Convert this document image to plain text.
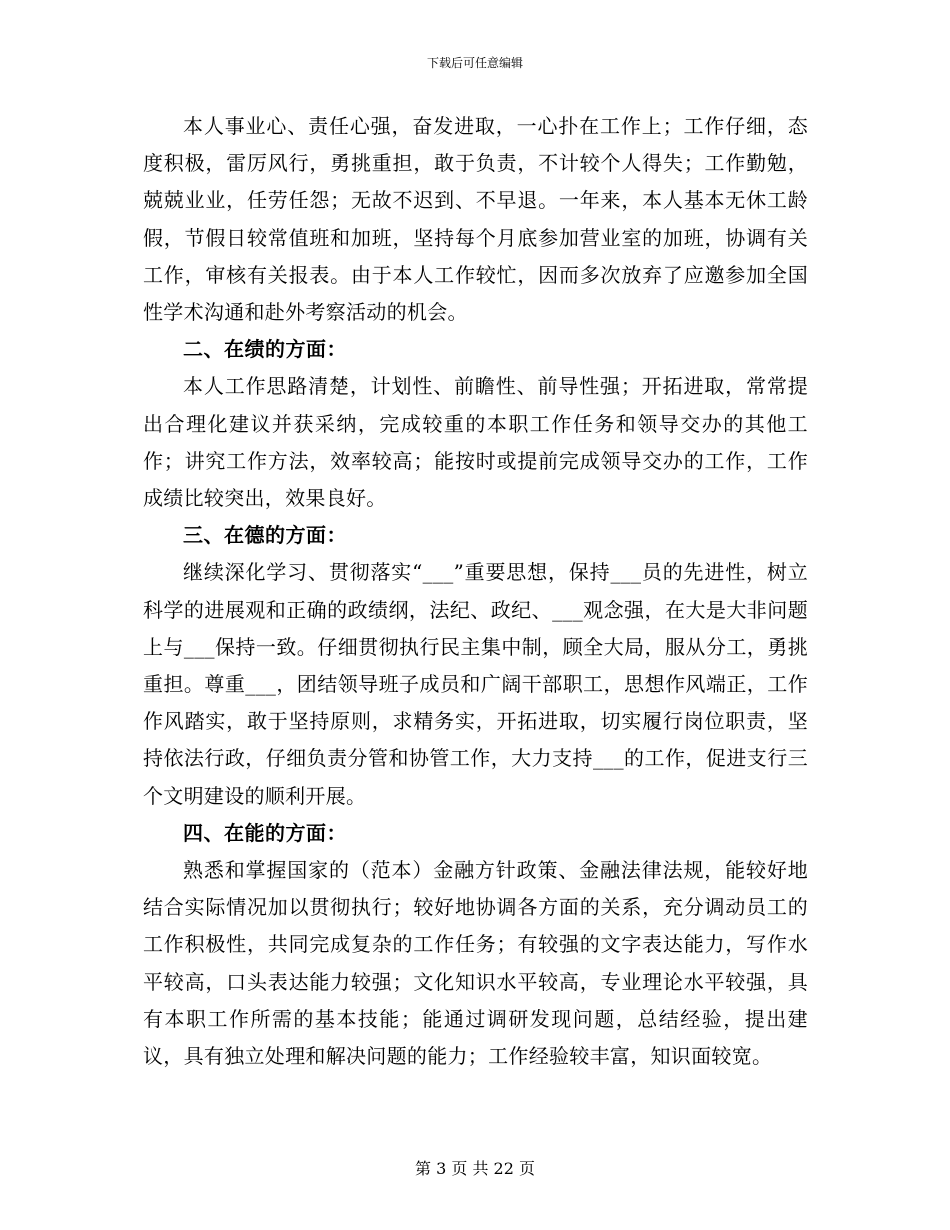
下载后可任意编辑

本人事业心、责任心强，奋发进取，一心扑在工作上；工作仔细，态度积极，雷厉风行，勇挑重担，敢于负责，不计较个人得失；工作勤勉，兢兢业业，任劳任怨；无故不迟到、不早退。一年来，本人基本无休工龄假，节假日较常值班和加班，坚持每个月底参加营业室的加班，协调有关工作，审核有关报表。由于本人工作较忙，因而多次放弃了应邀参加全国性学术沟通和赴外考察活动的机会。

二、在绩的方面：

本人工作思路清楚，计划性、前瞻性、前导性强；开拓进取，常常提出合理化建议并获采纳，完成较重的本职工作任务和领导交办的其他工作；讲究工作方法，效率较高；能按时或提前完成领导交办的工作，工作成绩比较突出，效果良好。

三、在德的方面：

继续深化学习、贯彻落实“___”重要思想，保持___员的先进性，树立科学的进展观和正确的政绩纲，法纪、政纪、___观念强，在大是大非问题上与___保持一致。仔细贯彻执行民主集中制，顾全大局，服从分工，勇挑重担。尊重___，团结领导班子成员和广阔干部职工，思想作风端正，工作作风踏实，敢于坚持原则，求精务实，开拓进取，切实履行岗位职责，坚持依法行政，仔细负责分管和协管工作，大力支持___的工作，促进支行三个文明建设的顺利开展。

四、在能的方面：

熟悉和掌握国家的（范本）金融方针政策、金融法律法规，能较好地结合实际情况加以贯彻执行；较好地协调各方面的关系，充分调动员工的工作积极性，共同完成复杂的工作任务；有较强的文字表达能力，写作水平较高，口头表达能力较强；文化知识水平较高，专业理论水平较强，具有本职工作所需的基本技能；能通过调研发现问题，总结经验，提出建议，具有独立处理和解决问题的能力；工作经验较丰富，知识面较宽。

第 3 页 共 22 页
